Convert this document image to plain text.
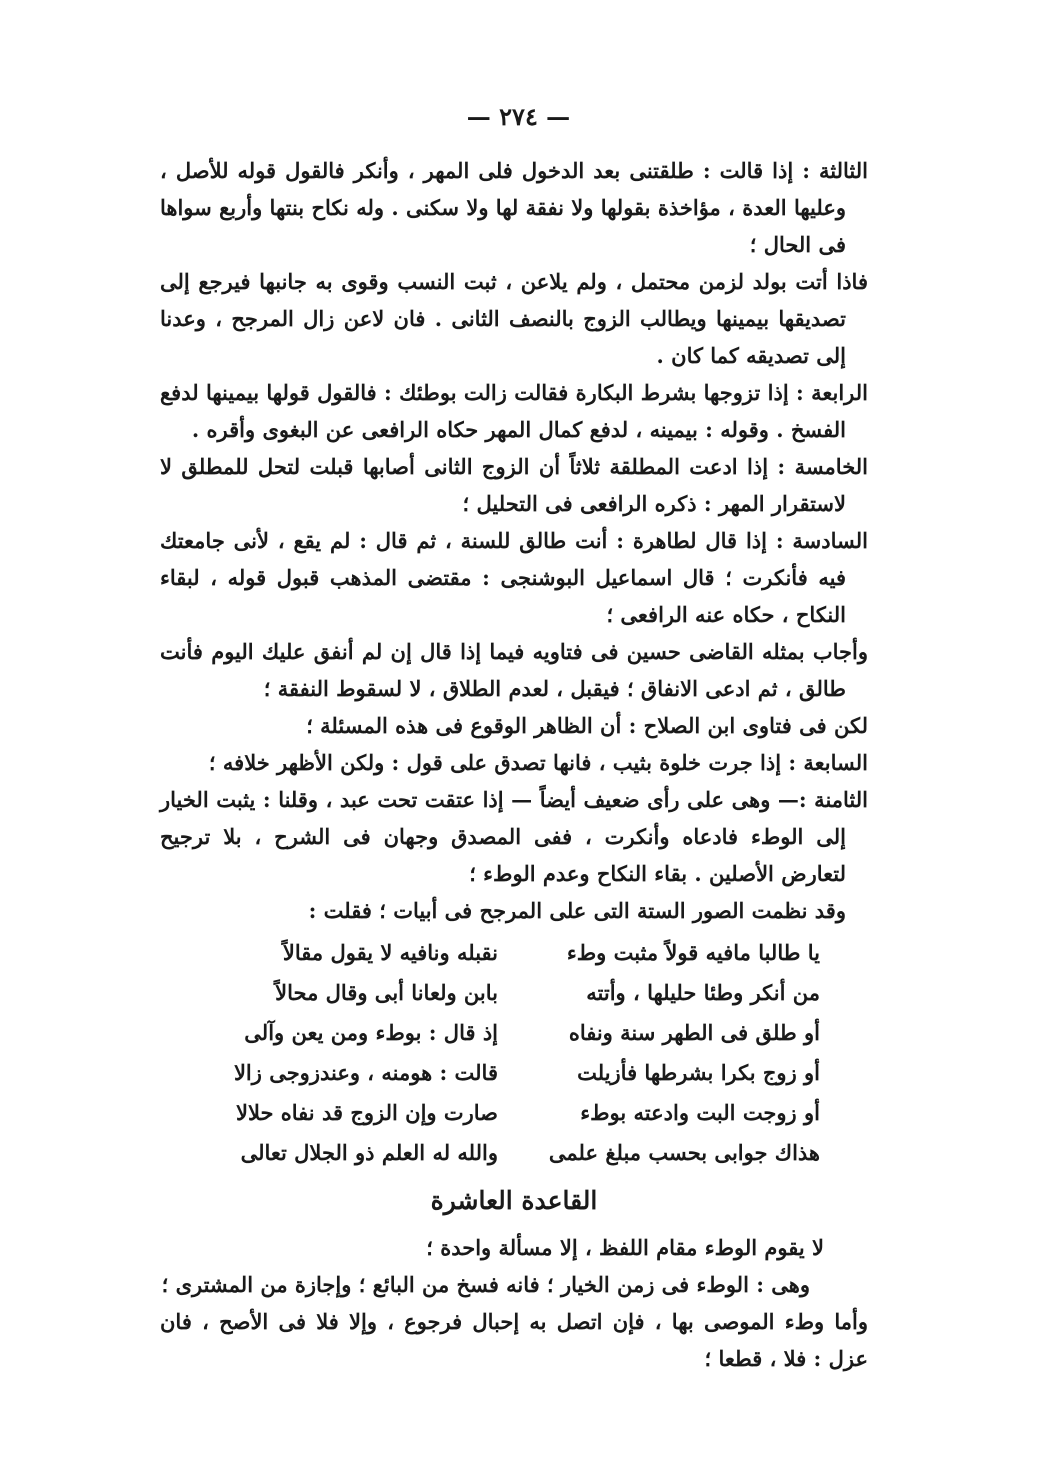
— ٢٧٤ —

الثالثة : إذا قالت : طلقتنى بعد الدخول فلى المهر ، وأنكر فالقول قوله للأصل ، وعليها العدة ، مؤاخذة بقولها ولا نفقة لها ولا سكنى . وله نكاح بنتها وأربع سواها فى الحال ؛

فاذا أتت بولد لزمن محتمل ، ولم يلاعن ، ثبت النسب وقوى به جانبها فيرجع إلى تصديقها بيمينها ويطالب الزوج بالنصف الثانى . فان لاعن زال المرجح ، وعدنا إلى تصديقه كما كان .

الرابعة : إذا تزوجها بشرط البكارة فقالت زالت بوطئك : فالقول قولها بيمينها لدفع الفسخ . وقوله : بيمينه ، لدفع كمال المهر حكاه الرافعى عن البغوى وأقره .

الخامسة : إذا ادعت المطلقة ثلاثاً أن الزوج الثانى أصابها قبلت لتحل للمطلق لا لاستقرار المهر : ذكره الرافعى فى التحليل ؛

السادسة : إذا قال لطاهرة : أنت طالق للسنة ، ثم قال : لم يقع ، لأنى جامعتك فيه فأنكرت ؛ قال اسماعيل البوشنجى : مقتضى المذهب قبول قوله ، لبقاء النكاح ، حكاه عنه الرافعى ؛

وأجاب بمثله القاضى حسين فى فتاويه فيما إذا قال إن لم أنفق عليك اليوم فأنت طالق ، ثم ادعى الانفاق ؛ فيقبل ، لعدم الطلاق ، لا لسقوط النفقة ؛

لكن فى فتاوى ابن الصلاح : أن الظاهر الوقوع فى هذه المسئلة ؛

السابعة : إذا جرت خلوة بثيب ، فانها تصدق على قول : ولكن الأظهر خلافه ؛

الثامنة :— وهى على رأى ضعيف أيضاً — إذا عتقت تحت عبد ، وقلنا : يثبت الخيار إلى الوطء فادعاه وأنكرت ، ففى المصدق وجهان فى الشرح ، بلا ترجيح لتعارض الأصلين . بقاء النكاح وعدم الوطء ؛

وقد نظمت الصور الستة التى على المرجح فى أبيات ؛ فقلت :

يا طالبا مافيه قولاً مثبت وطء
نقبله ونافيه لا يقول مقالاً
من أنكر وطئا حليلها ، وأتته
بابن ولعانا أبى وقال محالاً
أو طلق فى الطهر سنة ونفاه
إذ قال : بوطء ومن يعن وآلى
أو زوج بكرا بشرطها فأزيلت
قالت : هومنه ، وعندزوجى زالا
أو زوجت البت وادعته بوطء
صارت وإن الزوج قد نفاه حلالا
هذاك جوابى بحسب مبلغ علمى
والله له العلم ذو الجلال تعالى
القاعدة العاشرة

لا يقوم الوطء مقام اللفظ ، إلا مسألة واحدة ؛

وهى : الوطء فى زمن الخيار ؛ فانه فسخ من البائع ؛ وإجازة من المشترى ؛

وأما وطء الموصى بها ، فإن اتصل به إحبال فرجوع ، وإلا فلا فى الأصح ، فان عزل : فلا ، قطعا ؛
